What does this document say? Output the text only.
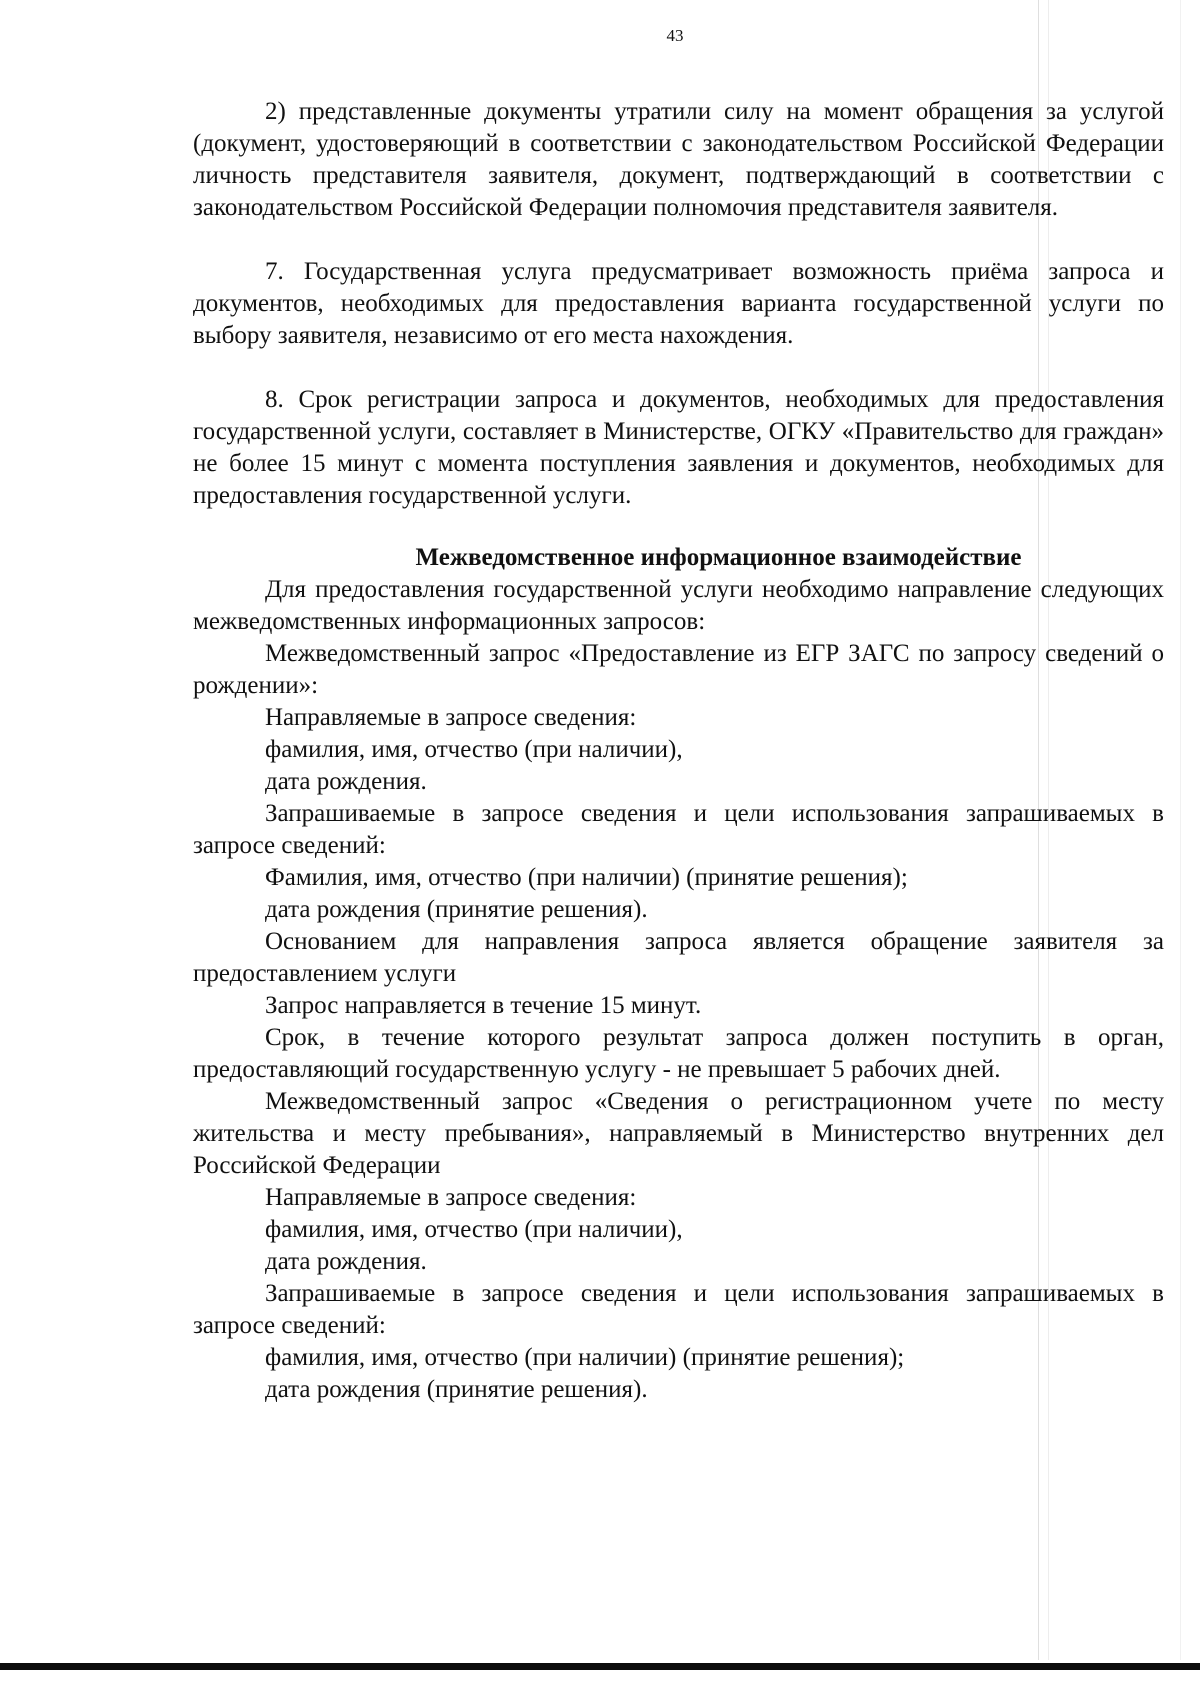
43

2) представленные документы утратили силу на момент обращения за услугой (документ, удостоверяющий в соответствии с законодательством Российской Федерации личность представителя заявителя, документ, подтверждающий в соответствии с законодательством Российской Федерации полномочия представителя заявителя.

7. Государственная услуга предусматривает возможность приёма запроса и документов, необходимых для предоставления варианта государственной услуги по выбору заявителя, независимо от его места нахождения.

8. Срок регистрации запроса и документов, необходимых для предоставления государственной услуги, составляет в Министерстве, ОГКУ «Правительство для граждан» не более 15 минут с момента поступления заявления и документов, необходимых для предоставления государственной услуги.

Межведомственное информационное взаимодействие

Для предоставления государственной услуги необходимо направление следующих межведомственных информационных запросов:

Межведомственный запрос «Предоставление из ЕГР ЗАГС по запросу сведений о рождении»:

Направляемые в запросе сведения:

фамилия, имя, отчество (при наличии),

дата рождения.

Запрашиваемые в запросе сведения и цели использования запрашиваемых в запросе сведений:

Фамилия, имя, отчество (при наличии) (принятие решения);

дата рождения (принятие решения).

Основанием для направления запроса является обращение заявителя за предоставлением услуги

Запрос направляется в течение 15 минут.

Срок, в течение которого результат запроса должен поступить в орган, предоставляющий государственную услугу - не превышает 5 рабочих дней.

Межведомственный запрос «Сведения о регистрационном учете по месту жительства и месту пребывания», направляемый в Министерство внутренних дел Российской Федерации

Направляемые в запросе сведения:

фамилия, имя, отчество (при наличии),

дата рождения.

Запрашиваемые в запросе сведения и цели использования запрашиваемых в запросе сведений:

фамилия, имя, отчество (при наличии) (принятие решения);

дата рождения (принятие решения).
